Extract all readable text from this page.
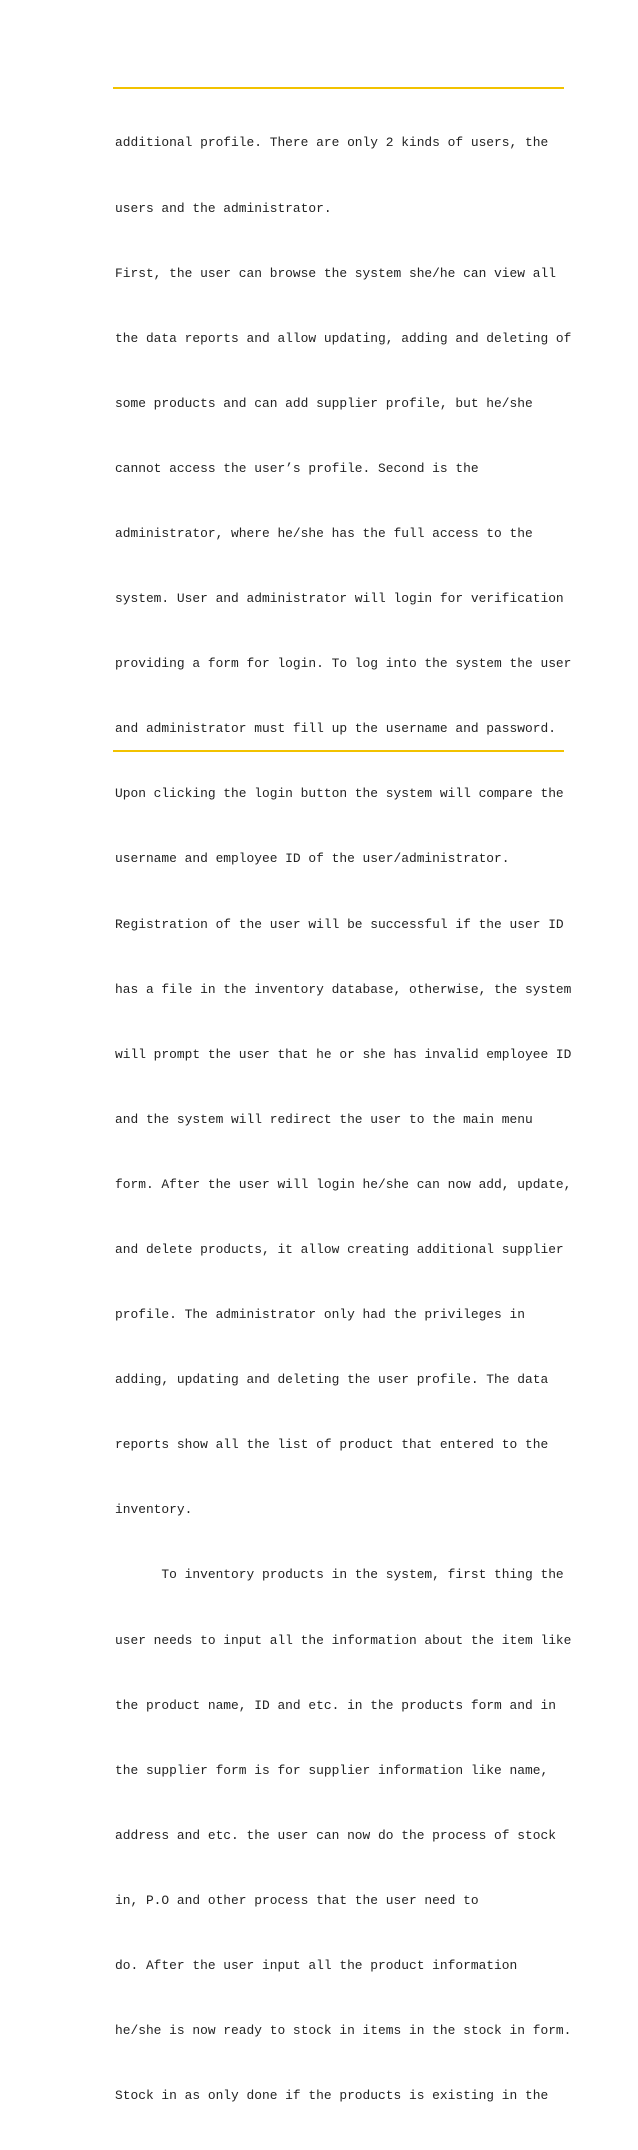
additional profile. There are only 2 kinds of users, the

users and the administrator.

First, the user can browse the system she/he can view all

the data reports and allow updating, adding and deleting of

some products and can add supplier profile, but he/she

cannot access the user’s profile. Second is the

administrator, where he/she has the full access to the

system. User and administrator will login for verification

providing a form for login. To log into the system the user

and administrator must fill up the username and password.

Upon clicking the login button the system will compare the

username and employee ID of the user/administrator.

Registration of the user will be successful if the user ID

has a file in the inventory database, otherwise, the system

will prompt the user that he or she has invalid employee ID

and the system will redirect the user to the main menu

form. After the user will login he/she can now add, update,

and delete products, it allow creating additional supplier

profile. The administrator only had the privileges in

adding, updating and deleting the user profile. The data

reports show all the list of product that entered to the

inventory.

To inventory products in the system, first thing the

user needs to input all the information about the item like

the product name, ID and etc. in the products form and in

the supplier form is for supplier information like name,

address and etc. the user can now do the process of stock

in, P.O and other process that the user need to

do. After the user input all the product information

he/she is now ready to stock in items in the stock in form.

Stock in as only done if the products is existing in the
